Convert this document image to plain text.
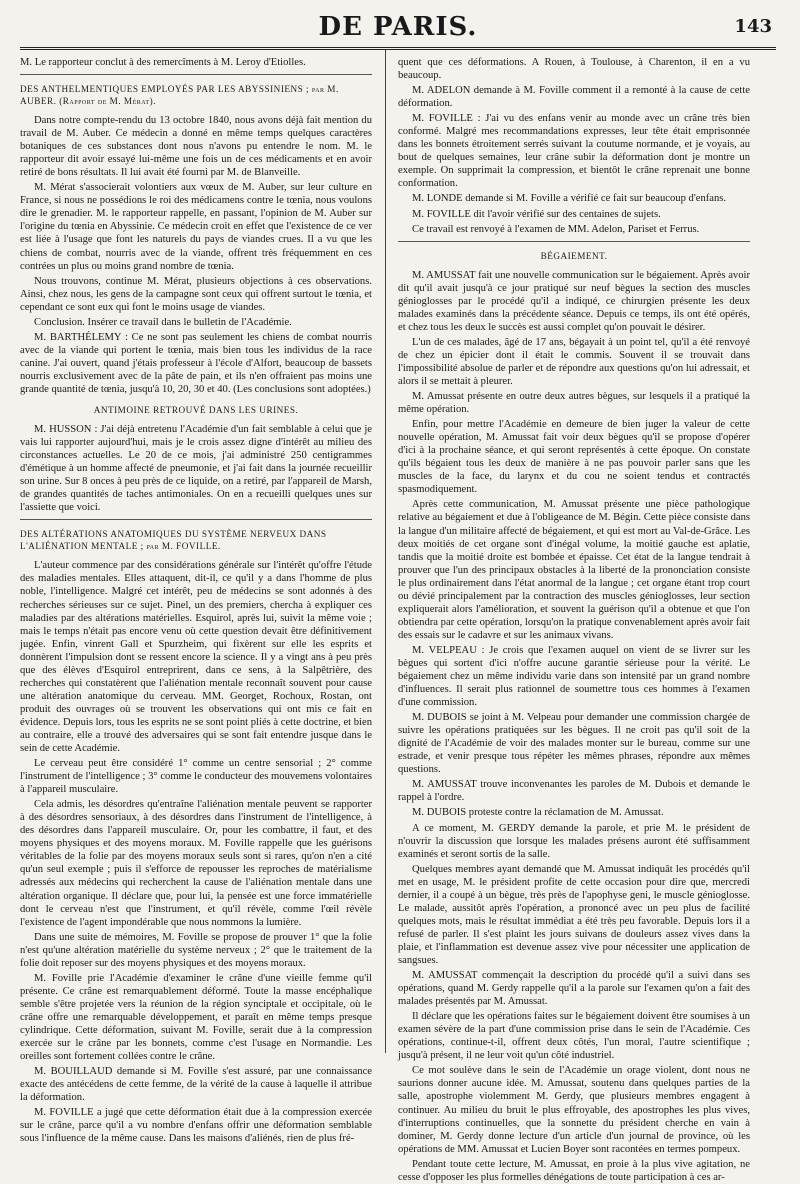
DE PARIS.	143

M. Le rapporteur conclut à des remercîments à M. Leroy d'Etiolles.

DES ANTHELMENTIQUES EMPLOYÉS PAR LES ABYSSINIENS ; par M. AUBER. (Rapport de M. Mérat).

Dans notre compte-rendu du 13 octobre 1840, nous avons déjà fait mention du travail de M. Auber. Ce médecin a donné en même temps quelques caractères botaniques de ces substances dont nous n'avons pu entendre le nom. M. le rapporteur dit avoir essayé lui-même une fois un de ces médicaments et en avoir retiré de bons résultats. Il lui avait été fourni par M. de Blanveille.

M. Mérat s'associerait volontiers aux vœux de M. Auber, sur leur culture en France, si nous ne possédions le roi des médicamens contre le tœnia, nous voulons dire le grenadier. M. le rapporteur rappelle, en passant, l'opinion de M. Auber sur l'origine du tœnia en Abyssinie. Ce médecin croit en effet que l'existence de ce ver est liée à l'usage que font les naturels du pays de viandes crues. Il a vu que les chiens de combat, nourris avec de la viande, offrent très fréquemment en ces contrées un plus ou moins grand nombre de tœnia.

Nous trouvons, continue M. Mérat, plusieurs objections à ces observations. Ainsi, chez nous, les gens de la campagne sont ceux qui offrent surtout le tœnia, et cependant ce sont eux qui font le moins usage de viandes.

Conclusion. Insérer ce travail dans le bulletin de l'Académie.

M. BARTHÉLEMY : Ce ne sont pas seulement les chiens de combat nourris avec de la viande qui portent le tœnia, mais bien tous les individus de la race canine. J'ai ouvert, quand j'étais professeur à l'école d'Alfort, beaucoup de bassets nourris exclusivement avec de la pâte de pain, et ils n'en offraient pas moins une grande quantité de tœnia, jusqu'à 10, 20, 30 et 40. (Les conclusions sont adoptées.)

ANTIMOINE RETROUVÉ DANS LES URINES.

M. HUSSON : J'ai déjà entretenu l'Académie d'un fait semblable à celui que je vais lui rapporter aujourd'hui, mais je le crois assez digne d'intérêt au milieu des circonstances actuelles. Le 20 de ce mois, j'ai administré 250 centigrammes d'émétique à un homme affecté de pneumonie, et j'ai fait dans la journée recueillir son urine. Sur 8 onces à peu près de ce liquide, on a retiré, par l'appareil de Marsh, de grandes quantités de taches antimoniales. On en a recueilli quelques unes sur l'assiette que voici.

DES ALTÉRATIONS ANATOMIQUES DU SYSTÈME NERVEUX DANS L'ALIÉNATION MENTALE ; par M. FOVILLE.

L'auteur commence par des considérations générale sur l'intérêt qu'offre l'étude des maladies mentales. Elles attaquent, dit-il, ce qu'il y a dans l'homme de plus noble, l'intelligence. Malgré cet intérêt, peu de médecins se sont adonnés à des recherches sérieuses sur ce sujet. Pinel, un des premiers, chercha à expliquer ces maladies par des altérations matérielles. Esquirol, après lui, suivit la même voie ; mais le temps n'était pas encore venu où cette question devait être définitivement jugée. Enfin, vinrent Gall et Spurzheim, qui fixèrent sur elle les esprits et donnèrent l'impulsion dont se ressent encore la science. Il y a vingt ans à peu près que des élèves d'Esquirol entreprirent, dans ce sens, à la Salpêtrière, des recherches qui constatèrent que l'aliénation mentale reconnaît souvent pour cause une altération anatomique du cerveau. MM. Georget, Rochoux, Rostan, ont produit des ouvrages où se trouvent les observations qui ont mis ce fait en évidence. Depuis lors, tous les esprits ne se sont point pliés à cette doctrine, et bien au contraire, elle a trouvé des adversaires qui se sont fait entendre jusque dans le sein de cette Académie.

Le cerveau peut être considéré 1° comme un centre sensorial ; 2° comme l'instrument de l'intelligence ; 3° comme le conducteur des mouvemens volontaires à l'appareil musculaire.

Cela admis, les désordres qu'entraîne l'aliénation mentale peuvent se rapporter à des désordres sensoriaux, à des désordres dans l'instrument de l'intelligence, à des désordres dans l'appareil musculaire. Or, pour les combattre, il faut, et des moyens physiques et des moyens moraux. M. Foville rappelle que les guérisons véritables de la folie par des moyens moraux seuls sont si rares, qu'on n'en a cité qu'un seul exemple ; puis il s'efforce de repousser les reproches de matérialisme adressés aux médecins qui recherchent la cause de l'aliénation mentale dans une altération organique. Il déclare que, pour lui, la pensée est une force immatérielle dont le cerveau n'est que l'instrument, et qu'il révèle, comme l'œil révèle l'existence de l'agent impondérable que nous nommons la lumière.

Dans une suite de mémoires, M. Foville se propose de prouver 1° que la folie n'est qu'une altération matérielle du système nerveux ; 2° que le traitement de la folie doit reposer sur des moyens physiques et des moyens moraux.

M. Foville prie l'Académie d'examiner le crâne d'une vieille femme qu'il présente. Ce crâne est remarquablement déformé. Toute la masse encéphalique semble s'être projetée vers la réunion de la région synciptale et occipitale, où le crâne offre une remarquable développement, et paraît en même temps presque cylindrique. Cette déformation, suivant M. Foville, serait due à la compression exercée sur le crâne par les bonnets, comme c'est l'usage en Normandie. Les oreilles sont fortement collées contre le crâne.

M. BOUILLAUD demande si M. Foville s'est assuré, par une connaissance exacte des antécédens de cette femme, de la vérité de la cause à laquelle il attribue la déformation.

M. FOVILLE a jugé que cette déformation était due à la compression exercée sur le crâne, parce qu'il a vu nombre d'enfans offrir une déformation semblable sous l'influence de la même cause. Dans les maisons d'aliénés, rien de plus fré-

quent que ces déformations. A Rouen, à Toulouse, à Charenton, il en a vu beaucoup.

M. ADELON demande à M. Foville comment il a remonté à la cause de cette déformation.

M. FOVILLE : J'ai vu des enfans venir au monde avec un crâne très bien conformé. Malgré mes recommandations expresses, leur tête était emprisonnée dans les bonnets étroitement serrés suivant la coutume normande, et je voyais, au bout de quelques semaines, leur crâne subir la déformation dont je montre un exemple. On supprimait la compression, et bientôt le crâne reprenait une bonne conformation.

M. LONDE demande si M. Foville a vérifié ce fait sur beaucoup d'enfans.

M. FOVILLE dit l'avoir vérifié sur des centaines de sujets.

Ce travail est renvoyé à l'examen de MM. Adelon, Pariset et Ferrus.

BÉGAIEMENT.

M. AMUSSAT fait une nouvelle communication sur le bégaiement. Après avoir dit qu'il avait jusqu'à ce jour pratiqué sur neuf bègues la section des muscles génioglosses par le procédé qu'il a indiqué, ce chirurgien présente les deux malades examinés dans la précédente séance. Depuis ce temps, ils ont été opérés, et chez tous les deux le succès est aussi complet qu'on pouvait le désirer.

L'un de ces malades, âgé de 17 ans, bégayait à un point tel, qu'il a été renvoyé de chez un épicier dont il était le commis. Souvent il se trouvait dans l'impossibilité absolue de parler et de répondre aux questions qu'on lui adressait, et alors il se mettait à pleurer.

M. Amussat présente en outre deux autres bègues, sur lesquels il a pratiqué la même opération.

Enfin, pour mettre l'Académie en demeure de bien juger la valeur de cette nouvelle opération, M. Amussat fait voir deux bègues qu'il se propose d'opérer d'ici à la prochaine séance, et qui seront représentés à cette époque. On constate qu'ils bégaient tous les deux de manière à ne pas pouvoir parler sans que les muscles de la face, du larynx et du cou ne soient tendus et contractés spasmodiquement.

Après cette communication, M. Amussat présente une pièce pathologique relative au bégaiement et due à l'obligeance de M. Bégin. Cette pièce consiste dans la langue d'un militaire affecté de bégaiement, et qui est mort au Val-de-Grâce. Les deux moitiés de cet organe sont d'inégal volume, la moitié gauche est aplatie, tandis que la moitié droite est bombée et épaisse. Cet état de la langue tendrait à prouver que l'un des principaux obstacles à la liberté de la prononciation consiste le plus ordinairement dans l'état anormal de la langue ; cet organe étant trop court ou dévié principalement par la contraction des muscles génioglosses, leur section expliquerait alors l'amélioration, et souvent la guérison qu'il a obtenue et que l'on obtiendra par cette opération, lorsqu'on la pratique convenablement après avoir fait des essais sur le cadavre et sur les animaux vivans.

M. VELPEAU : Je crois que l'examen auquel on vient de se livrer sur les bègues qui sortent d'ici n'offre aucune garantie sérieuse pour la vérité. Le bégaiement chez un même individu varie dans son intensité par un grand nombre d'influences. Il serait plus rationnel de soumettre tous ces hommes à l'examen d'une commission.

M. DUBOIS se joint à M. Velpeau pour demander une commission chargée de suivre les opérations pratiquées sur les bègues. Il ne croit pas qu'il soit de la dignité de l'Académie de voir des malades monter sur le bureau, comme sur une estrade, et venir presque tous répéter les mêmes phrases, répondre aux mêmes questions.

M. AMUSSAT trouve inconvenantes les paroles de M. Dubois et demande le rappel à l'ordre.

M. DUBOIS proteste contre la réclamation de M. Amussat.

A ce moment, M. GERDY demande la parole, et prie M. le président de n'ouvrir la discussion que lorsque les malades présens auront été suffisamment examinés et seront sortis de la salle.

Quelques membres ayant demandé que M. Amussat indiquât les procédés qu'il met en usage, M. le président profite de cette occasion pour dire que, mercredi dernier, il a coupé à un bègue, très près de l'apophyse geni, le muscle génioglosse. Le malade, aussitôt après l'opération, a prononcé avec un peu plus de facilité quelques mots, mais le résultat immédiat a été très peu favorable. Depuis lors il a refusé de parler. Il s'est plaint les jours suivans de douleurs assez vives dans la plaie, et l'inflammation est devenue assez vive pour nécessiter une application de sangsues.

M. AMUSSAT commençait la description du procédé qu'il a suivi dans ses opérations, quand M. Gerdy rappelle qu'il a la parole sur l'examen qu'on a fait des malades présentés par M. Amussat.

Il déclare que les opérations faites sur le bégaiement doivent être soumises à un examen sévère de la part d'une commission prise dans le sein de l'Académie. Ces opérations, continue-t-il, offrent deux côtés, l'un moral, l'autre scientifique ; jusqu'à présent, il ne leur voit qu'un côté industriel.

Ce mot soulève dans le sein de l'Académie un orage violent, dont nous ne saurions donner aucune idée. M. Amussat, soutenu dans quelques parties de la salle, apostrophe violemment M. Gerdy, que plusieurs membres engagent à continuer. Au milieu du bruit le plus effroyable, des apostrophes les plus vives, d'interruptions continuelles, que la sonnette du président cherche en vain à dominer, M. Gerdy donne lecture d'un article d'un journal de province, où les opérations de MM. Amussat et Lucien Boyer sont racontées en termes pompeux.

Pendant toute cette lecture, M. Amussat, en proie à la plus vive agitation, ne cesse d'opposer les plus formelles dénégations de toute participation à ces ar-
